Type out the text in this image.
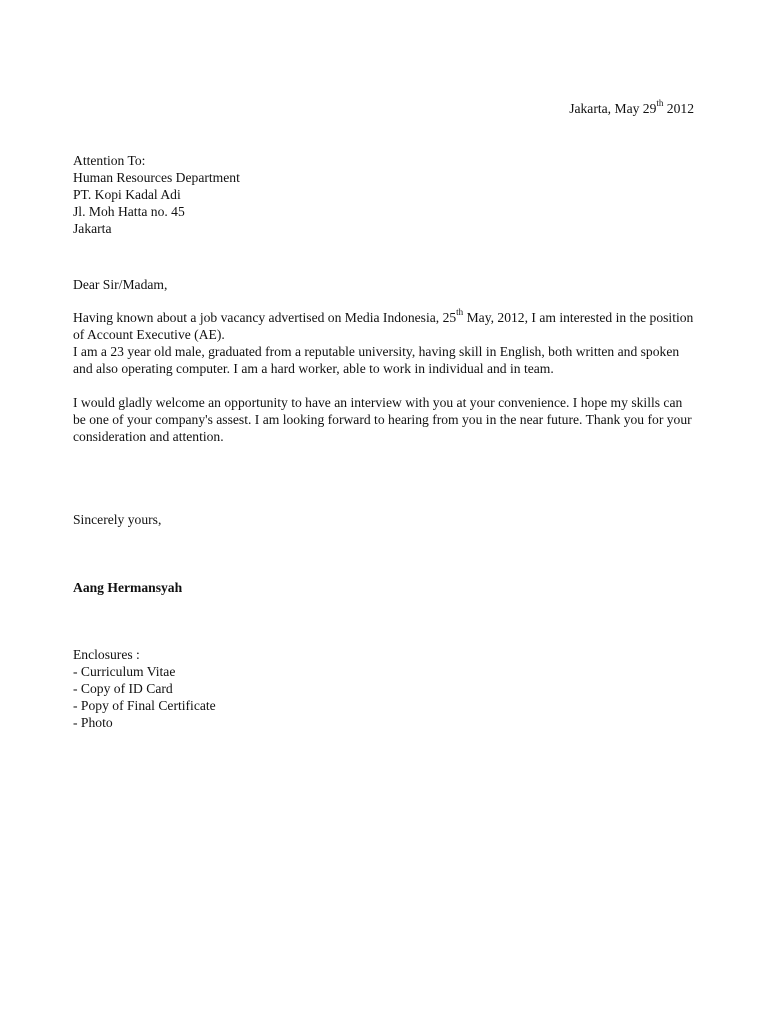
Jakarta, May 29th 2012
Attention To:
Human Resources Department
PT. Kopi Kadal Adi
Jl. Moh Hatta no. 45
Jakarta
Dear Sir/Madam,

Having known about a job vacancy advertised on Media Indonesia, 25th May, 2012, I am interested in the position of Account Executive (AE).

I am a 23 year old male, graduated from a reputable university, having skill in English, both written and spoken and also operating computer. I am a hard worker, able to work in individual and in team.

I would gladly welcome an opportunity to have an interview with you at your convenience. I hope my skills can be one of your company's assest. I am looking forward to hearing from you in the near future. Thank you for your consideration and attention.

Sincerely yours,
Aang Hermansyah
Enclosures :
- Curriculum Vitae
- Copy of ID Card
- Popy of Final Certificate
- Photo
